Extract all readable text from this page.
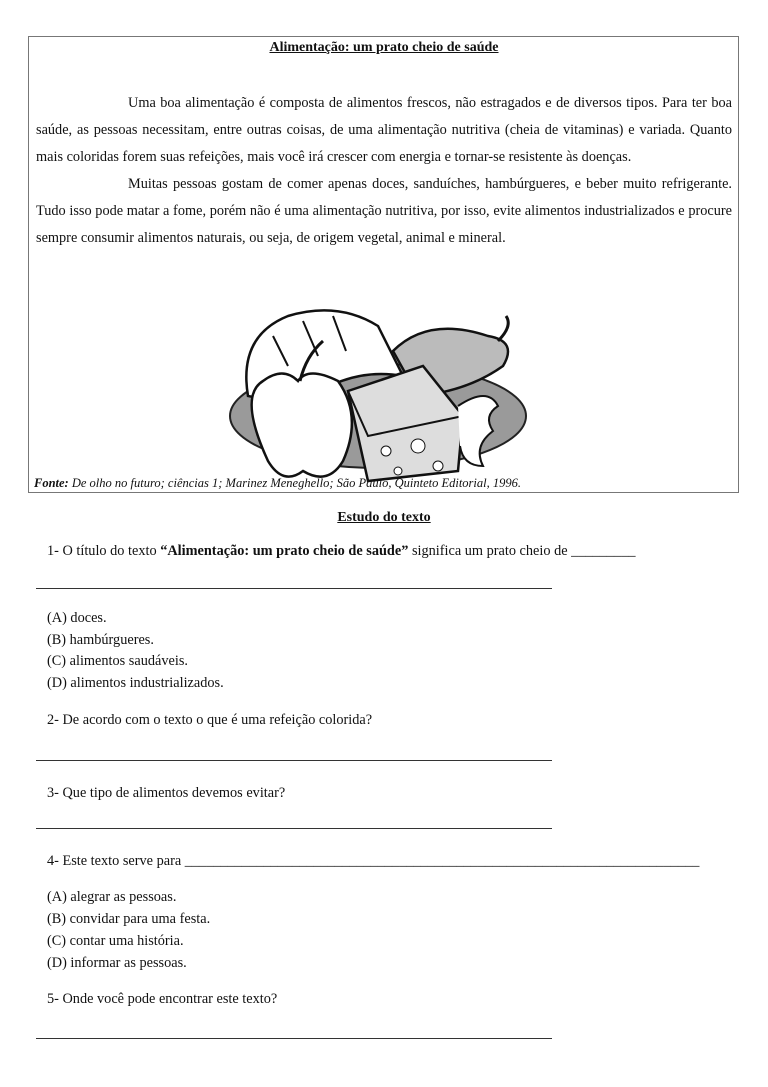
Alimentação: um prato cheio de saúde

Uma boa alimentação é composta de alimentos frescos, não estragados e de diversos tipos. Para ter boa saúde, as pessoas necessitam, entre outras coisas, de uma alimentação nutritiva (cheia de vitaminas) e variada. Quanto mais coloridas forem suas refeições, mais você irá crescer com energia e tornar-se resistente às doenças.

Muitas pessoas gostam de comer apenas doces, sanduíches, hambúrgueres, e beber muito refrigerante. Tudo isso pode matar a fome, porém não é uma alimentação nutritiva, por isso, evite alimentos industrializados e procure sempre consumir alimentos naturais, ou seja, de origem vegetal, animal e mineral.

Fonte: De olho no futuro; ciências 1; Marinez Meneghello; São Paulo, Quinteto Editorial, 1996.
Estudo do texto
1- O título do texto “Alimentação: um prato cheio de saúde” significa um prato cheio de _________
(A) doces.
(B) hambúrgueres.
(C) alimentos saudáveis.
(D) alimentos industrializados.
2- De acordo com o texto o que é uma refeição colorida?
3- Que tipo de alimentos devemos evitar?
4- Este texto serve para ________________________________________________________________________
(A) alegrar as pessoas.
(B) convidar para uma festa.
(C) contar uma história.
(D) informar as pessoas.
5- Onde você pode encontrar este texto?
